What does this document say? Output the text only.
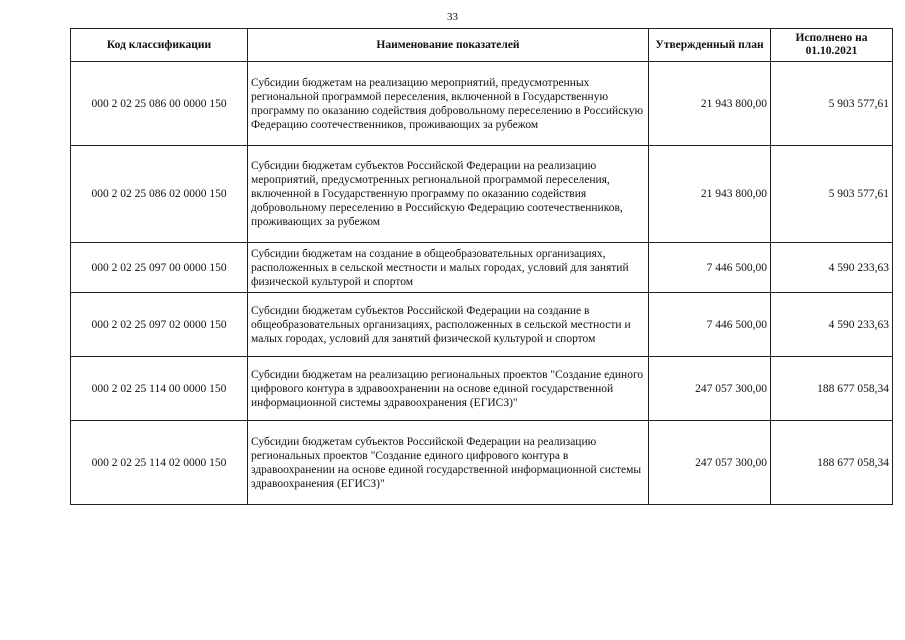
33
Код классификации	Наименование показателей	Утвержденный план	Исполнено на 01.10.2021
000 2 02 25 086 00 0000 150	Субсидии бюджетам на реализацию мероприятий, предусмотренных региональной программой переселения, включенной в Государственную программу по оказанию содействия добровольному переселению в Российскую Федерацию соотечественников, проживающих за рубежом	21 943 800,00	5 903 577,61
000 2 02 25 086 02 0000 150	Субсидии бюджетам субъектов Российской Федерации на реализацию мероприятий, предусмотренных региональной программой переселения, включенной в Государственную программу по оказанию содействия добровольному переселению в Российскую Федерацию соотечественников, проживающих за рубежом	21 943 800,00	5 903 577,61
000 2 02 25 097 00 0000 150	Субсидии бюджетам на создание в общеобразовательных организациях, расположенных в сельской местности и малых городах, условий для занятий физической культурой и спортом	7 446 500,00	4 590 233,63
000 2 02 25 097 02 0000 150	Субсидии бюджетам субъектов Российской Федерации на создание в общеобразовательных организациях, расположенных в сельской местности и малых городах, условий для занятий физической культурой и спортом	7 446 500,00	4 590 233,63
000 2 02 25 114 00 0000 150	Субсидии бюджетам на реализацию региональных проектов "Создание единого цифрового контура в здравоохранении на основе единой государственной информационной системы здравоохранения (ЕГИСЗ)"	247 057 300,00	188 677 058,34
000 2 02 25 114 02 0000 150	Субсидии бюджетам субъектов Российской Федерации на реализацию региональных проектов "Создание единого цифрового контура в здравоохранении на основе единой государственной информационной системы здравоохранения (ЕГИСЗ)"	247 057 300,00	188 677 058,34
